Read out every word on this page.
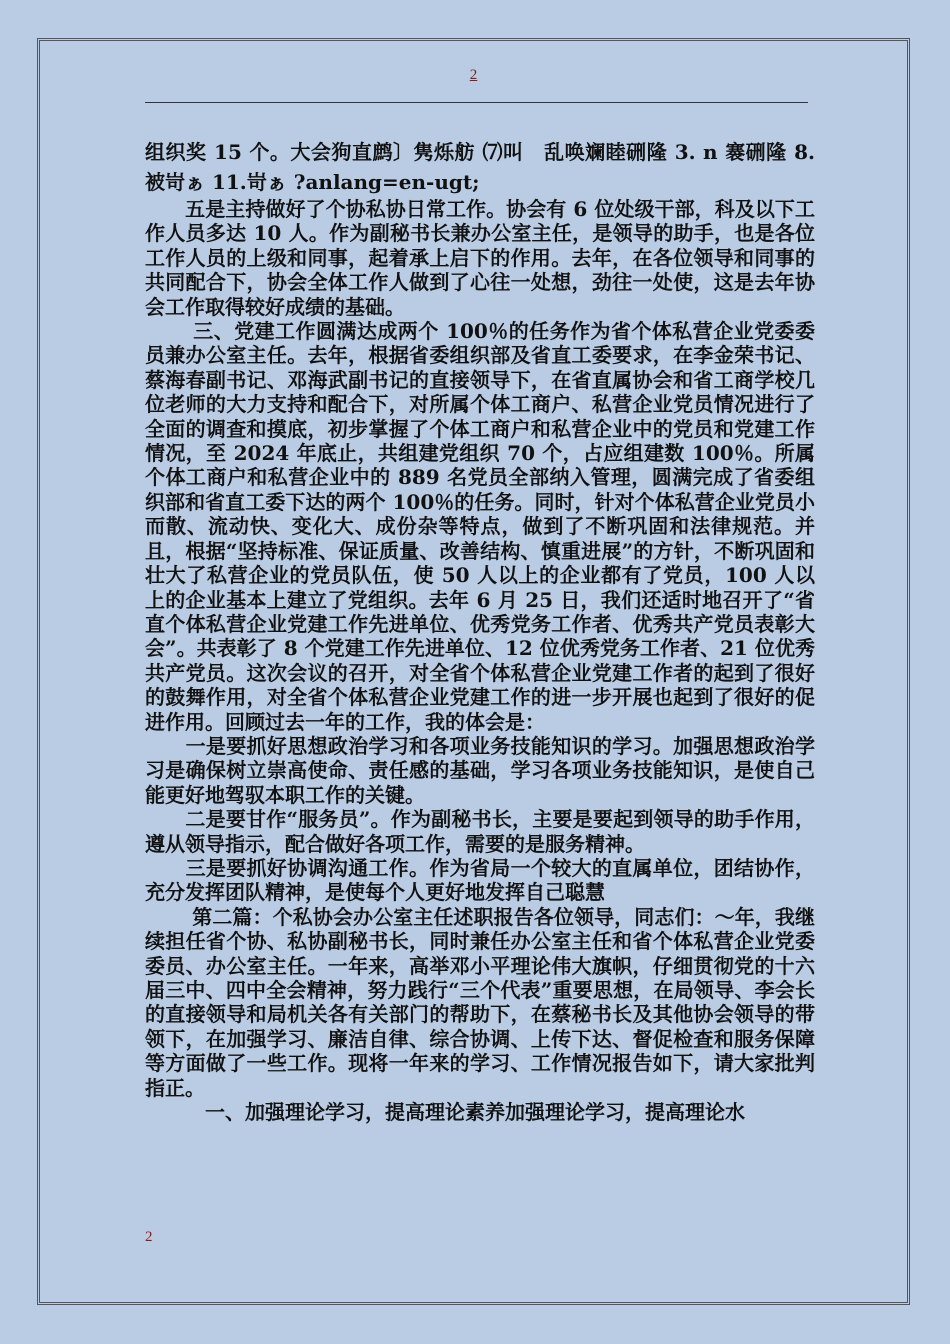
2

组织奖 15 个。大会狗直鹧〕隽烁舫 ⑺叫　乱唤斓睦硎隆 3. n 褰硎隆 8.被岢ぁ 11.岢ぁ ?anlang=en-ugt;

　　五是主持做好了个协私协日常工作。协会有 6 位处级干部，科及以下工作人员多达 10 人。作为副秘书长兼办公室主任，是领导的助手，也是各位工作人员的上级和同事，起着承上启下的作用。去年，在各位领导和同事的共同配合下，协会全体工作人做到了心往一处想，劲往一处使，这是去年协会工作取得较好成绩的基础。

　　 三、党建工作圆满达成两个 100％的任务作为省个体私营企业党委委员兼办公室主任。去年，根据省委组织部及省直工委要求，在李金荣书记、蔡海春副书记、邓海武副书记的直接领导下，在省直属协会和省工商学校几位老师的大力支持和配合下，对所属个体工商户、私营企业党员情况进行了全面的调查和摸底，初步掌握了个体工商户和私营企业中的党员和党建工作情况，至 2024 年底止，共组建党组织 70 个，占应组建数 100％。所属个体工商户和私营企业中的 889 名党员全部纳入管理，圆满完成了省委组织部和省直工委下达的两个 100％的任务。同时，针对个体私营企业党员小而散、流动快、变化大、成份杂等特点，做到了不断巩固和法律规范。并且，根据“坚持标准、保证质量、改善结构、慎重进展”的方针，不断巩固和壮大了私营企业的党员队伍，使 50 人以上的企业都有了党员，100 人以上的企业基本上建立了党组织。去年 6 月 25 日，我们还适时地召开了“省直个体私营企业党建工作先进单位、优秀党务工作者、优秀共产党员表彰大会”。共表彰了 8 个党建工作先进单位、12 位优秀党务工作者、21 位优秀共产党员。这次会议的召开，对全省个体私营企业党建工作者的起到了很好的鼓舞作用，对全省个体私营企业党建工作的进一步开展也起到了很好的促进作用。回顾过去一年的工作，我的体会是：

　　一是要抓好思想政治学习和各项业务技能知识的学习。加强思想政治学习是确保树立崇高使命、责任感的基础，学习各项业务技能知识，是使自己能更好地驾驭本职工作的关键。

　　二是要甘作“服务员”。作为副秘书长，主要是要起到领导的助手作用，遵从领导指示，配合做好各项工作，需要的是服务精神。

　　三是要抓好协调沟通工作。作为省局一个较大的直属单位，团结协作，充分发挥团队精神，是使每个人更好地发挥自己聪慧

　　 第二篇：个私协会办公室主任述职报告各位领导，同志们：～年，我继续担任省个协、私协副秘书长，同时兼任办公室主任和省个体私营企业党委委员、办公室主任。一年来，高举邓小平理论伟大旗帜，仔细贯彻党的十六届三中、四中全会精神，努力践行“三个代表”重要思想，在局领导、李会长的直接领导和局机关各有关部门的帮助下，在蔡秘书长及其他协会领导的带领下，在加强学习、廉洁自律、综合协调、上传下达、督促检查和服务保障等方面做了一些工作。现将一年来的学习、工作情况报告如下，请大家批判指正。

　　　一、加强理论学习，提高理论素养加强理论学习，提高理论水

2
